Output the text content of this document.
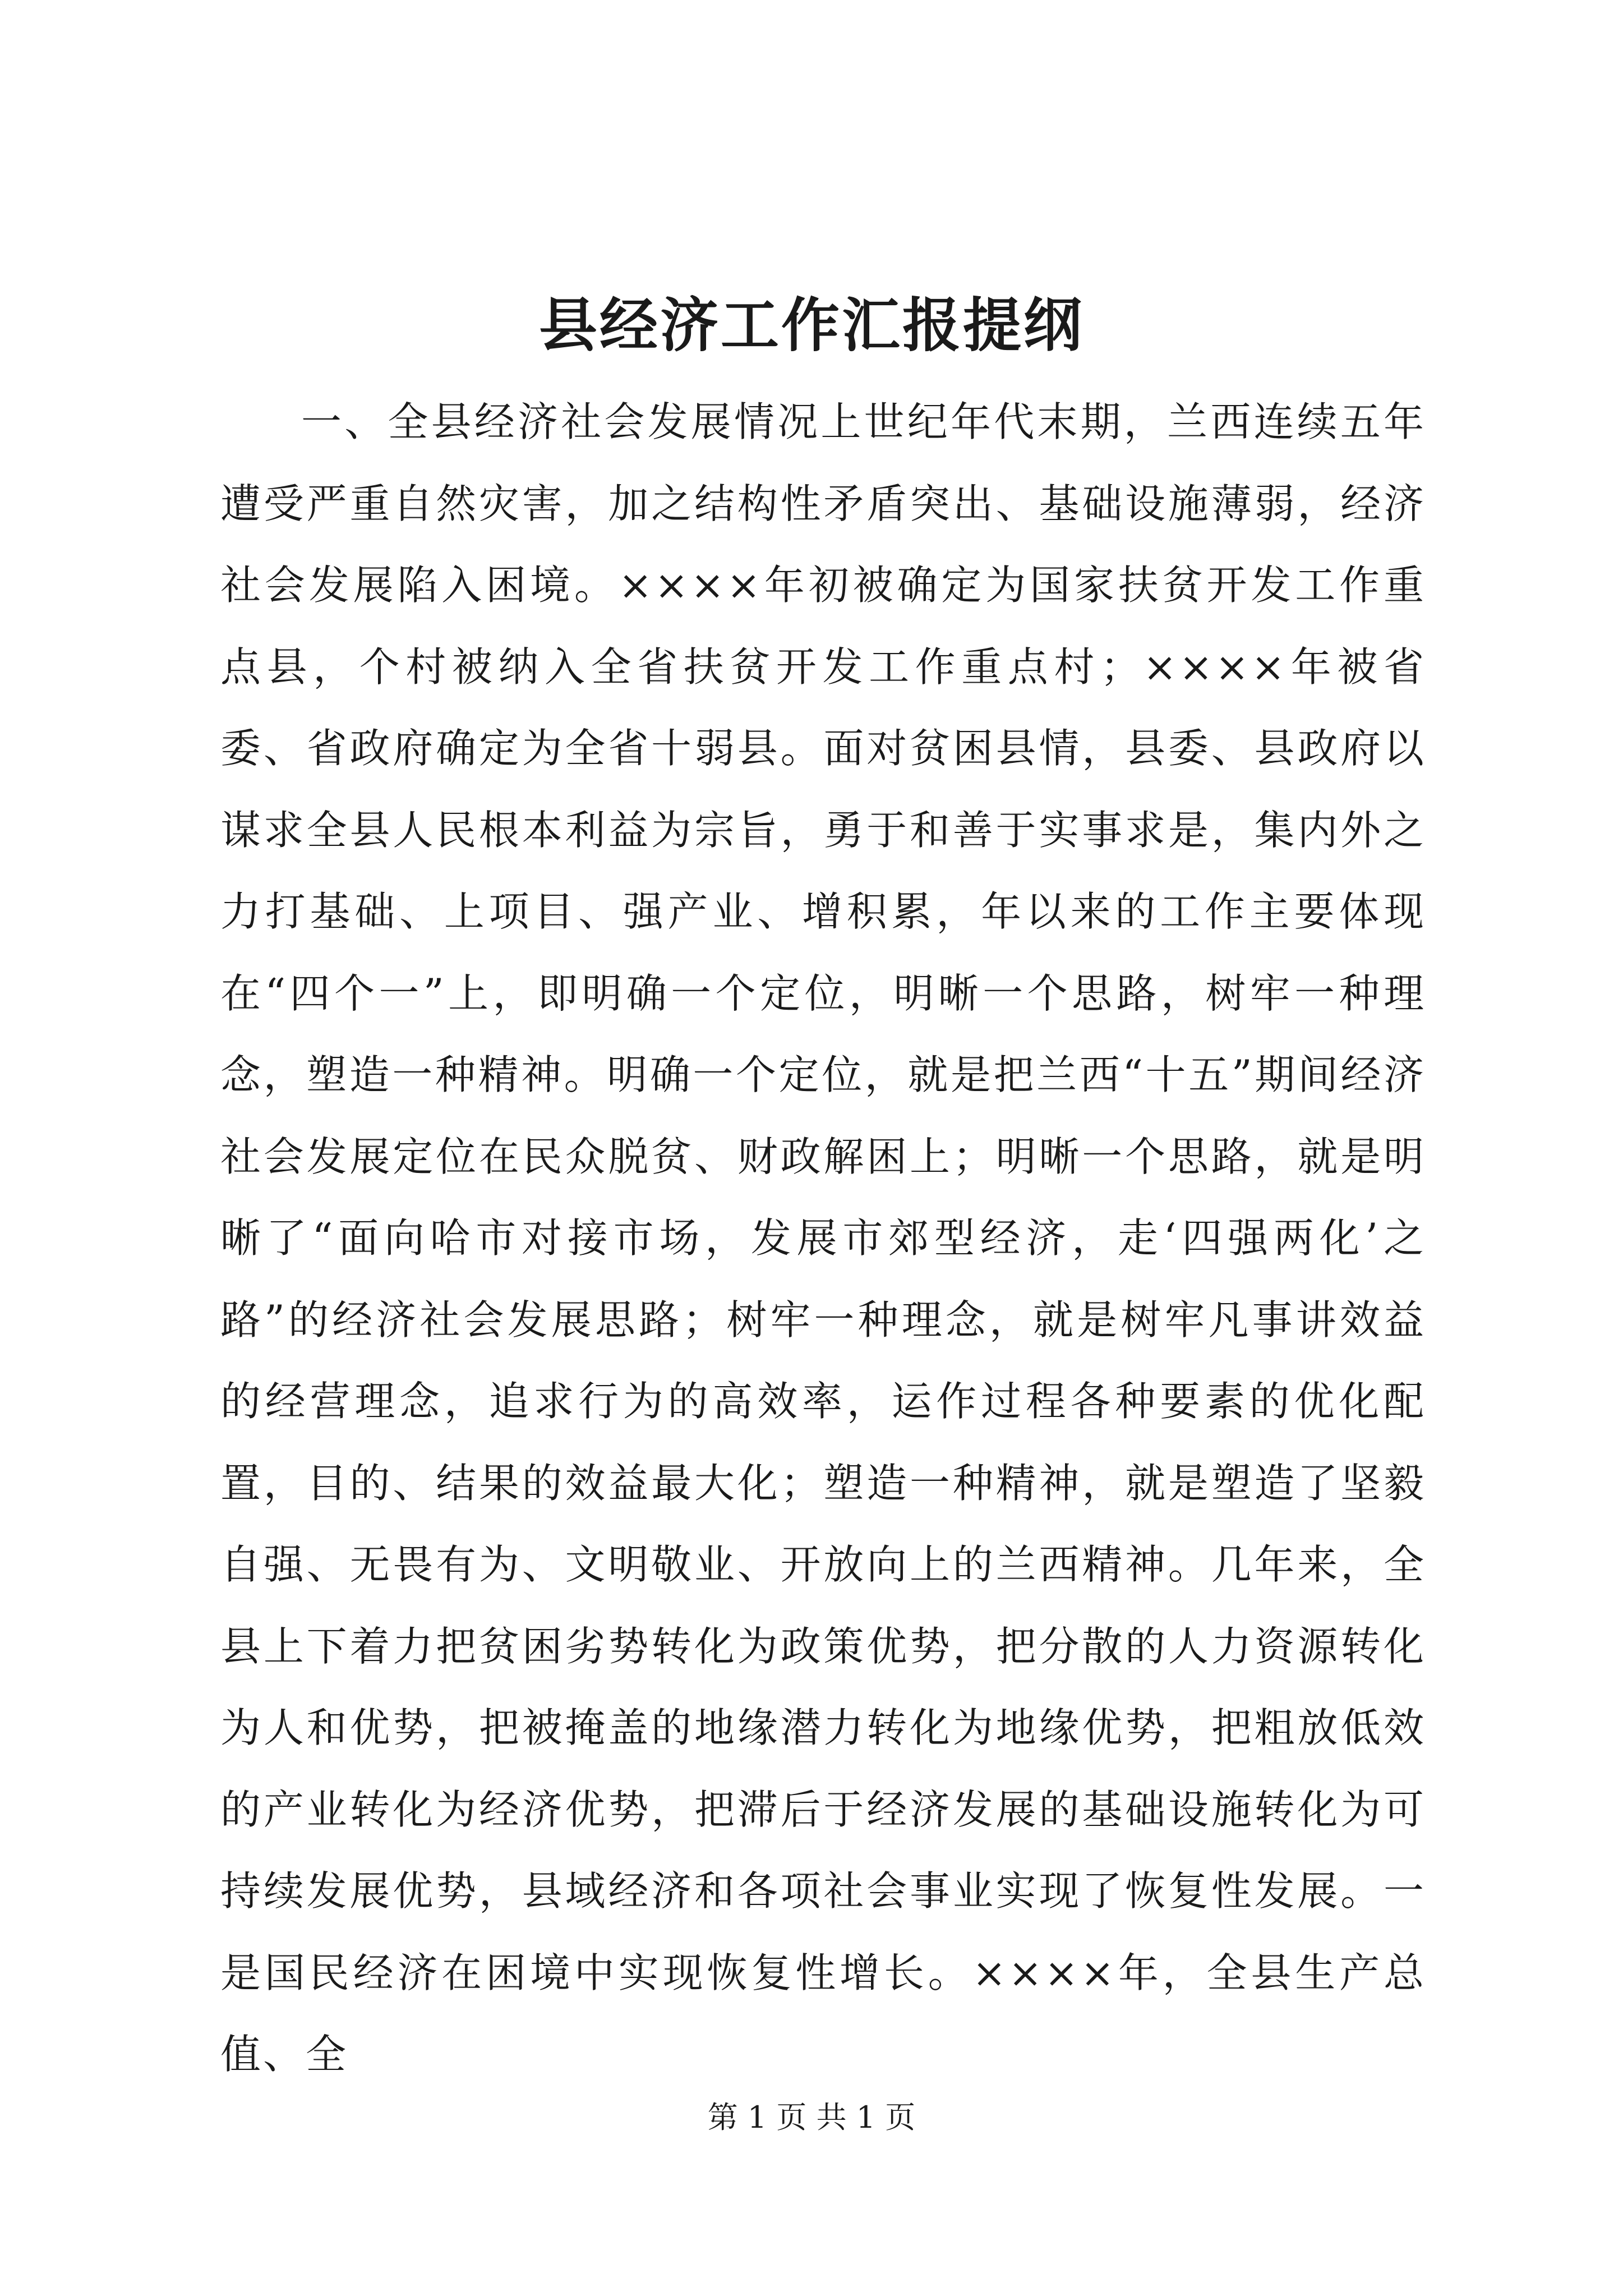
县经济工作汇报提纲

一、全县经济社会发展情况上世纪年代末期，兰西连续五年遭受严重自然灾害，加之结构性矛盾突出、基础设施薄弱，经济社会发展陷入困境。××××年初被确定为国家扶贫开发工作重点县，个村被纳入全省扶贫开发工作重点村；××××年被省委、省政府确定为全省十弱县。面对贫困县情，县委、县政府以谋求全县人民根本利益为宗旨，勇于和善于实事求是，集内外之力打基础、上项目、强产业、增积累，年以来的工作主要体现在“四个一”上，即明确一个定位，明晰一个思路，树牢一种理念，塑造一种精神。明确一个定位，就是把兰西“十五”期间经济社会发展定位在民众脱贫、财政解困上；明晰一个思路，就是明晰了“面向哈市对接市场，发展市郊型经济，走‘四强两化’之路”的经济社会发展思路；树牢一种理念，就是树牢凡事讲效益的经营理念，追求行为的高效率，运作过程各种要素的优化配置，目的、结果的效益最大化；塑造一种精神，就是塑造了坚毅自强、无畏有为、文明敬业、开放向上的兰西精神。几年来，全县上下着力把贫困劣势转化为政策优势，把分散的人力资源转化为人和优势，把被掩盖的地缘潜力转化为地缘优势，把粗放低效的产业转化为经济优势，把滞后于经济发展的基础设施转化为可持续发展优势，县域经济和各项社会事业实现了恢复性发展。一是国民经济在困境中实现恢复性增长。××××年，全县生产总值、全

第 1 页 共 1 页
